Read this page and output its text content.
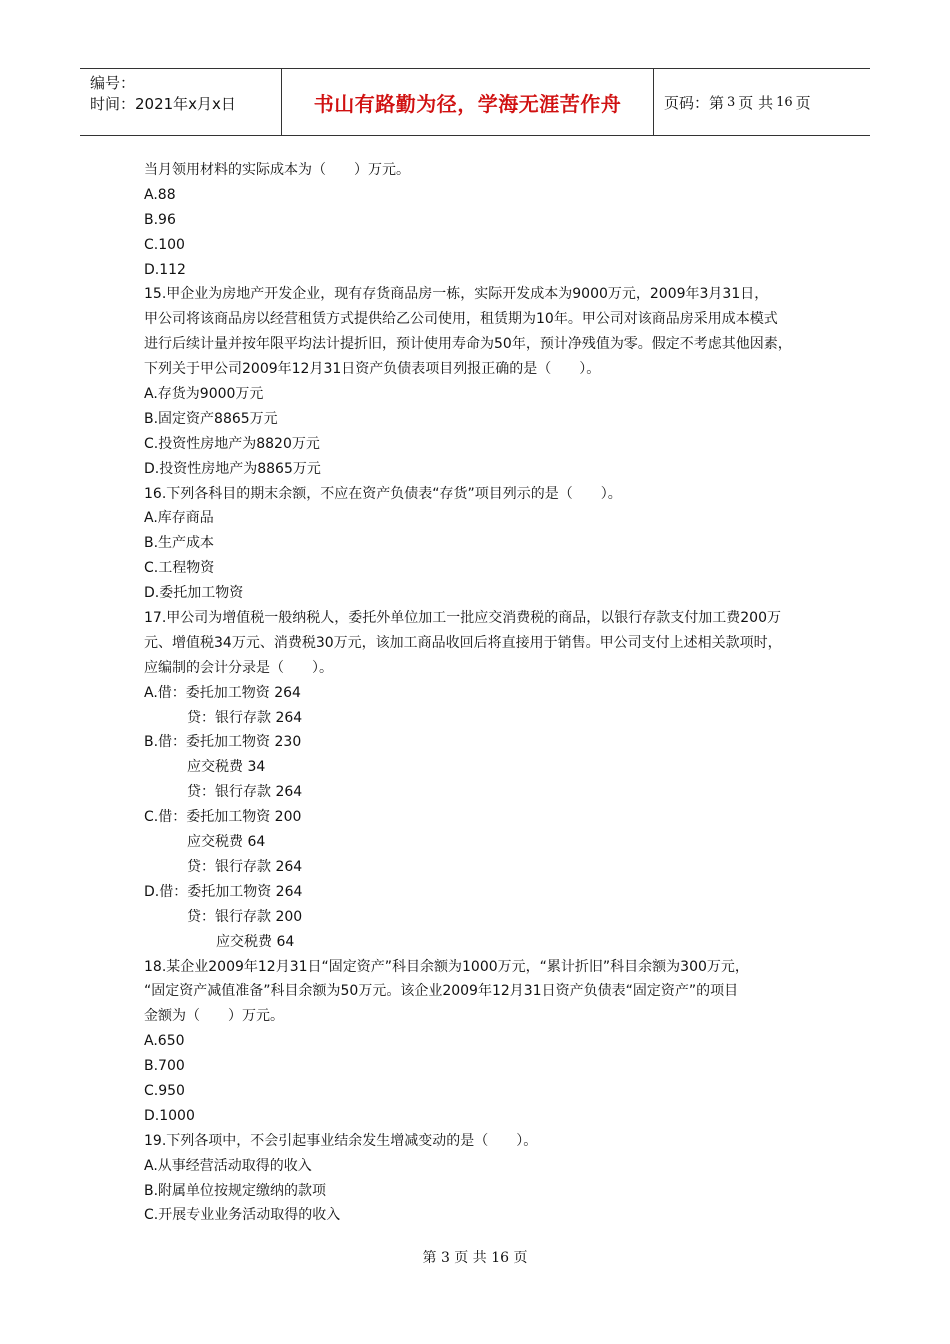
编号：
时间：2021年x月x日	书山有路勤为径，学海无涯苦作舟	页码：第 3 页 共 16 页
当月领用材料的实际成本为（　　）万元。
A.88
B.96
C.100
D.112
15.甲企业为房地产开发企业，现有存货商品房一栋，实际开发成本为9000万元，2009年3月31日，
甲公司将该商品房以经营租赁方式提供给乙公司使用，租赁期为10年。甲公司对该商品房采用成本模式
进行后续计量并按年限平均法计提折旧，预计使用寿命为50年，预计净残值为零。假定不考虑其他因素，
下列关于甲公司2009年12月31日资产负债表项目列报正确的是（　　）。
A.存货为9000万元
B.固定资产8865万元
C.投资性房地产为8820万元
D.投资性房地产为8865万元
16.下列各科目的期末余额，不应在资产负债表“存货”项目列示的是（　　）。
A.库存商品
B.生产成本
C.工程物资
D.委托加工物资
17.甲公司为增值税一般纳税人，委托外单位加工一批应交消费税的商品，以银行存款支付加工费200万
元、增值税34万元、消费税30万元，该加工商品收回后将直接用于销售。甲公司支付上述相关款项时，
应编制的会计分录是（　　）。
A.借：委托加工物资 264
贷：银行存款 264
B.借：委托加工物资 230
应交税费 34
贷：银行存款 264
C.借：委托加工物资 200
应交税费 64
贷：银行存款 264
D.借：委托加工物资 264
贷：银行存款 200
应交税费 64
18.某企业2009年12月31日“固定资产”科目余额为1000万元，“累计折旧”科目余额为300万元，
“固定资产减值准备”科目余额为50万元。该企业2009年12月31日资产负债表“固定资产”的项目
金额为（　　）万元。
A.650
B.700
C.950
D.1000
19.下列各项中，不会引起事业结余发生增减变动的是（　　）。
A.从事经营活动取得的收入
B.附属单位按规定缴纳的款项
C.开展专业业务活动取得的收入
第 3 页 共 16 页
